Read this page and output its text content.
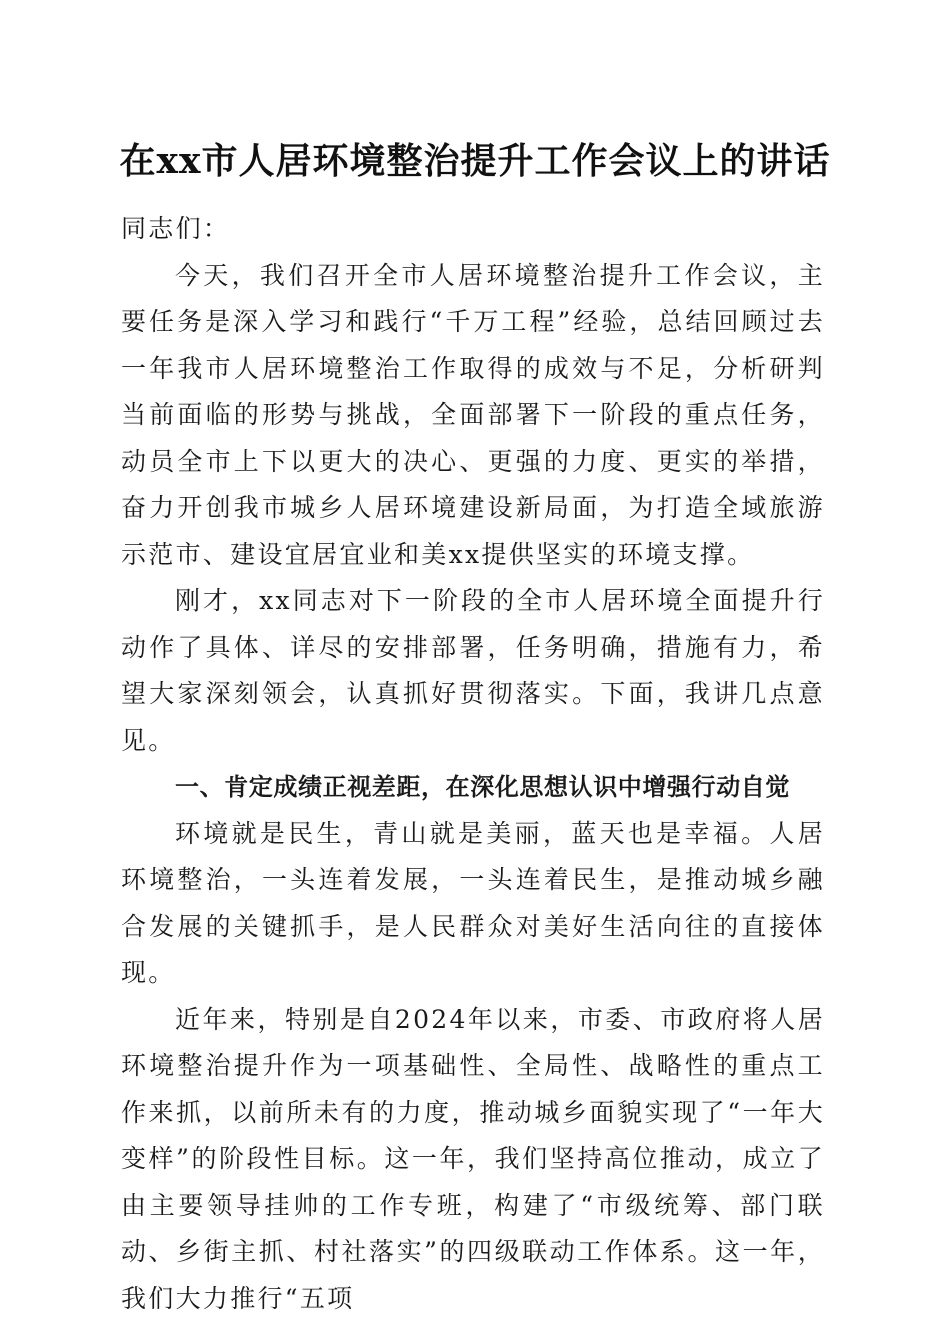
在xx市人居环境整治提升工作会议上的讲话

同志们：

今天，我们召开全市人居环境整治提升工作会议，主要任务是深入学习和践行“千万工程”经验，总结回顾过去一年我市人居环境整治工作取得的成效与不足，分析研判当前面临的形势与挑战，全面部署下一阶段的重点任务，动员全市上下以更大的决心、更强的力度、更实的举措，奋力开创我市城乡人居环境建设新局面，为打造全域旅游示范市、建设宜居宜业和美xx提供坚实的环境支撑。

刚才，xx同志对下一阶段的全市人居环境全面提升行动作了具体、详尽的安排部署，任务明确，措施有力，希望大家深刻领会，认真抓好贯彻落实。下面，我讲几点意见。

一、肯定成绩正视差距，在深化思想认识中增强行动自觉

环境就是民生，青山就是美丽，蓝天也是幸福。人居环境整治，一头连着发展，一头连着民生，是推动城乡融合发展的关键抓手，是人民群众对美好生活向往的直接体现。

近年来，特别是自2024年以来，市委、市政府将人居环境整治提升作为一项基础性、全局性、战略性的重点工作来抓，以前所未有的力度，推动城乡面貌实现了“一年大变样”的阶段性目标。这一年，我们坚持高位推动，成立了由主要领导挂帅的工作专班，构建了“市级统筹、部门联动、乡街主抓、村社落实”的四级联动工作体系。这一年，我们大力推行“五项
